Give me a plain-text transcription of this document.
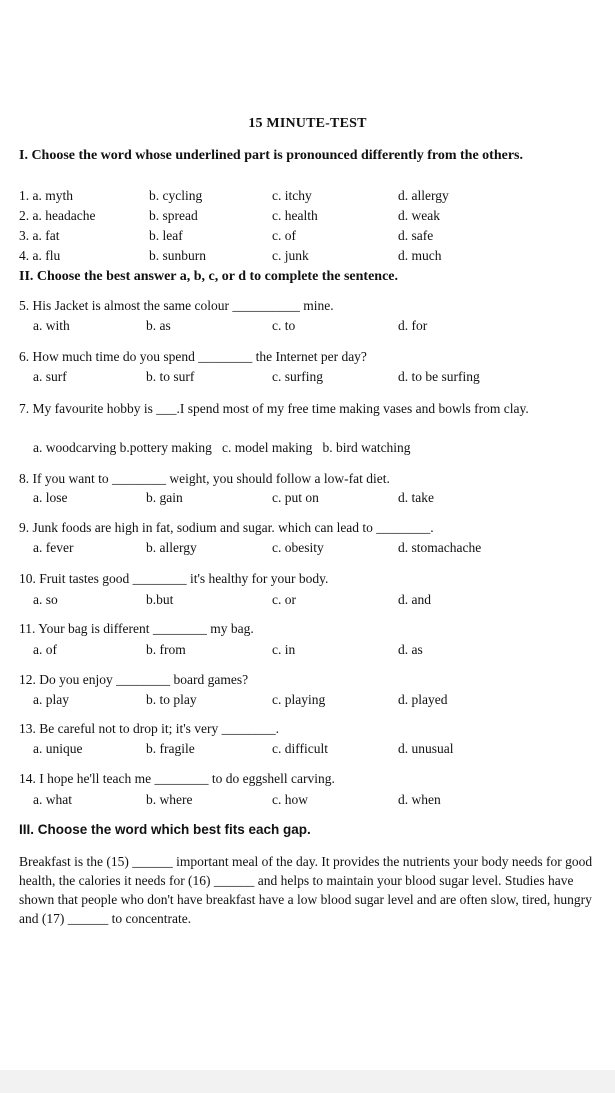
15 MINUTE-TEST
I. Choose the word whose underlined part is pronounced differently from the others.
1. a. myth	b. cycling	c. itchy	d. allergy
2. a. headache	b. spread	c. health	d. weak
3. a. fat	b. leaf	c. of	d. safe
4. a. flu	b. sunburn	c. junk	d. much
II. Choose the best answer a, b, c, or d to complete the sentence.
5. His Jacket is almost the same colour __________ mine.
a. with	b. as	c. to	d. for
6. How much time do you spend ________ the Internet per day?
a. surf	b. to surf	c. surfing	d. to be surfing
7. My favourite hobby is ___.I spend most of my free time making vases and bowls from clay.
a. woodcarving b.pottery making c. model making b. bird watching
8. If you want to ________ weight, you should follow a low-fat diet.
a. lose	b. gain	c. put on	d. take
9. Junk foods are high in fat, sodium and sugar. which can lead to ________.
a. fever	b. allergy	c. obesity	d. stomachache
10. Fruit tastes good ________ it's healthy for your body.
a. so	b.but	c. or	d. and
11. Your bag is different ________ my bag.
a. of	b. from	c. in	d. as
12. Do you enjoy ________ board games?
a. play	b. to play	c. playing	d. played
13. Be careful not to drop it; it's very ________.
a. unique	b. fragile	c. difficult	d. unusual
14. I hope he'll teach me ________ to do eggshell carving.
a. what	b. where	c. how	d. when
III. Choose the word which best fits each gap.
Breakfast is the (15) ______ important meal of the day. It provides the nutrients your body needs for good health, the calories it needs for (16) ______ and helps to maintain your blood sugar level. Studies have shown that people who don't have breakfast have a low blood sugar level and are often slow, tired, hungry and (17) ______ to concentrate.
